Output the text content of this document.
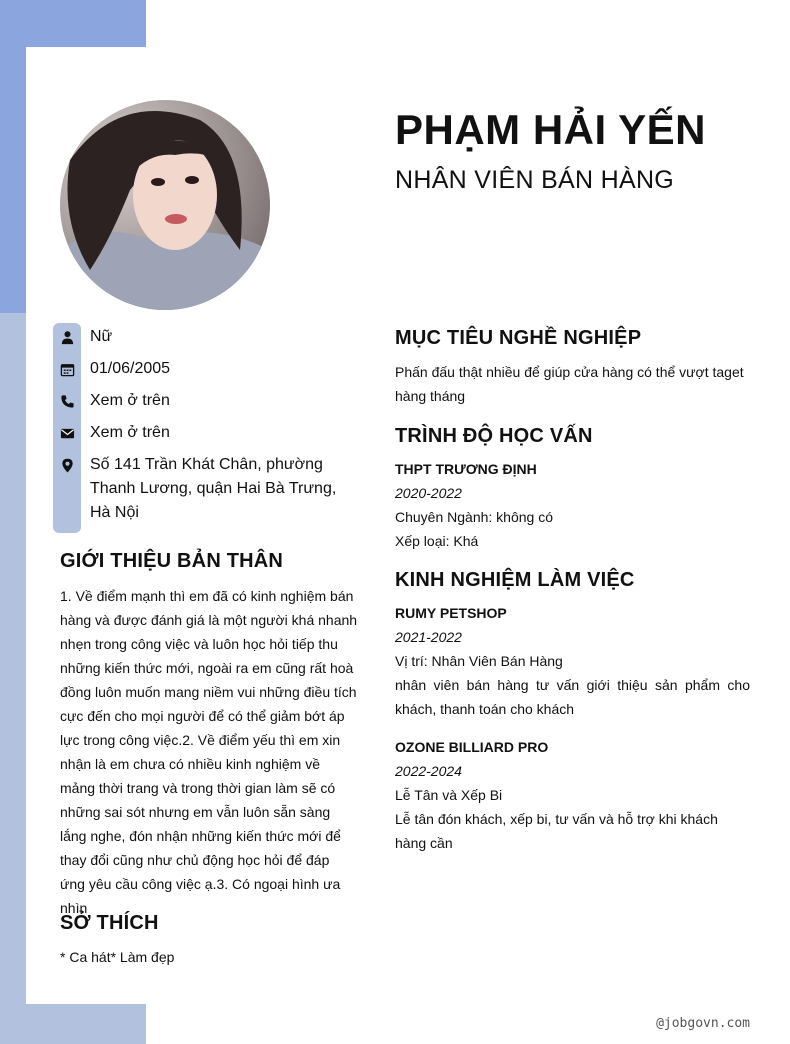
PHẠM HẢI YẾN
NHÂN VIÊN BÁN HÀNG
Nữ
01/06/2005
Xem ở trên
Xem ở trên
Số 141 Trần Khát Chân, phường Thanh Lương, quận Hai Bà Trưng, Hà Nội
GIỚI THIỆU BẢN THÂN
1. Về điểm mạnh thì em đã có kinh nghiệm bán hàng và được đánh giá là một người khá nhanh nhẹn trong công việc và luôn học hỏi tiếp thu những kiến thức mới, ngoài ra em cũng rất hoà đồng luôn muốn mang niềm vui những điều tích cực đến cho mọi người để có thể giảm bớt áp lực trong công việc.2. Về điểm yếu thì em xin nhận là em chưa có nhiều kinh nghiệm về mảng thời trang và trong thời gian làm sẽ có những sai sót nhưng em vẫn luôn sẵn sàng lắng nghe, đón nhận những kiến thức mới để thay đổi cũng như chủ động học hỏi để đáp ứng yêu cầu công việc ạ.3. Có ngoại hình ưa nhìn
SỞ THÍCH
* Ca hát* Làm đẹp
MỤC TIÊU NGHỀ NGHIỆP
Phấn đấu thật nhiều để giúp cửa hàng có thể vượt taget hàng tháng
TRÌNH ĐỘ HỌC VẤN
THPT TRƯƠNG ĐỊNH
2020-2022
Chuyên Ngành: không có
Xếp loại: Khá
KINH NGHIỆM LÀM VIỆC
RUMY PETSHOP
2021-2022
Vị trí: Nhân Viên Bán Hàng
nhân viên bán hàng tư vấn giới thiệu sản phẩm cho khách, thanh toán cho khách
OZONE BILLIARD PRO
2022-2024
Lễ Tân và Xếp Bi
Lễ tân đón khách, xếp bi, tư vấn và hỗ trợ khi khách hàng cần
@jobgovn.com
